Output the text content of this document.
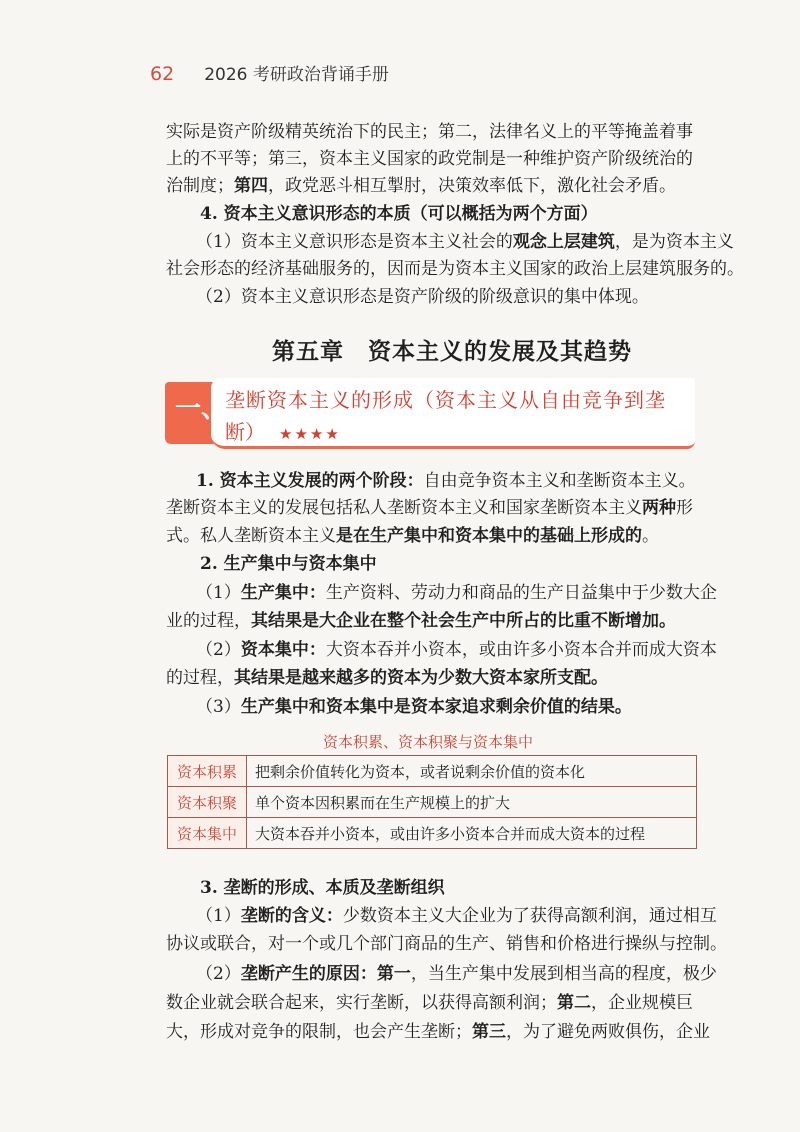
62 2026 考研政治背诵手册
实际是资产阶级精英统治下的民主；第二，法律名义上的平等掩盖着事
上的不平等；第三，资本主义国家的政党制是一种维护资产阶级统治的
治制度；第四，政党恶斗相互掣肘，决策效率低下，激化社会矛盾。
4. 资本主义意识形态的本质（可以概括为两个方面）
（1）资本主义意识形态是资本主义社会的观念上层建筑，是为资本主义
社会形态的经济基础服务的，因而是为资本主义国家的政治上层建筑服务的。
（2）资本主义意识形态是资产阶级的阶级意识的集中体现。
第五章　资本主义的发展及其趋势
一、
垄断资本主义的形成（资本主义从自由竞争到垄
断） ★★★★
1. 资本主义发展的两个阶段：自由竞争资本主义和垄断资本主义。
垄断资本主义的发展包括私人垄断资本主义和国家垄断资本主义两种形
式。私人垄断资本主义是在生产集中和资本集中的基础上形成的。
2. 生产集中与资本集中
（1）生产集中：生产资料、劳动力和商品的生产日益集中于少数大企
业的过程，其结果是大企业在整个社会生产中所占的比重不断增加。
（2）资本集中：大资本吞并小资本，或由许多小资本合并而成大资本
的过程，其结果是越来越多的资本为少数大资本家所支配。
（3）生产集中和资本集中是资本家追求剩余价值的结果。
资本积累、资本积聚与资本集中
资本积累	把剩余价值转化为资本，或者说剩余价值的资本化
资本积聚	单个资本因积累而在生产规模上的扩大
资本集中	大资本吞并小资本，或由许多小资本合并而成大资本的过程
3. 垄断的形成、本质及垄断组织
（1）垄断的含义：少数资本主义大企业为了获得高额利润，通过相互
协议或联合，对一个或几个部门商品的生产、销售和价格进行操纵与控制。
（2）垄断产生的原因：第一，当生产集中发展到相当高的程度，极少
数企业就会联合起来，实行垄断，以获得高额利润；第二，企业规模巨
大，形成对竞争的限制，也会产生垄断；第三，为了避免两败俱伤，企业
